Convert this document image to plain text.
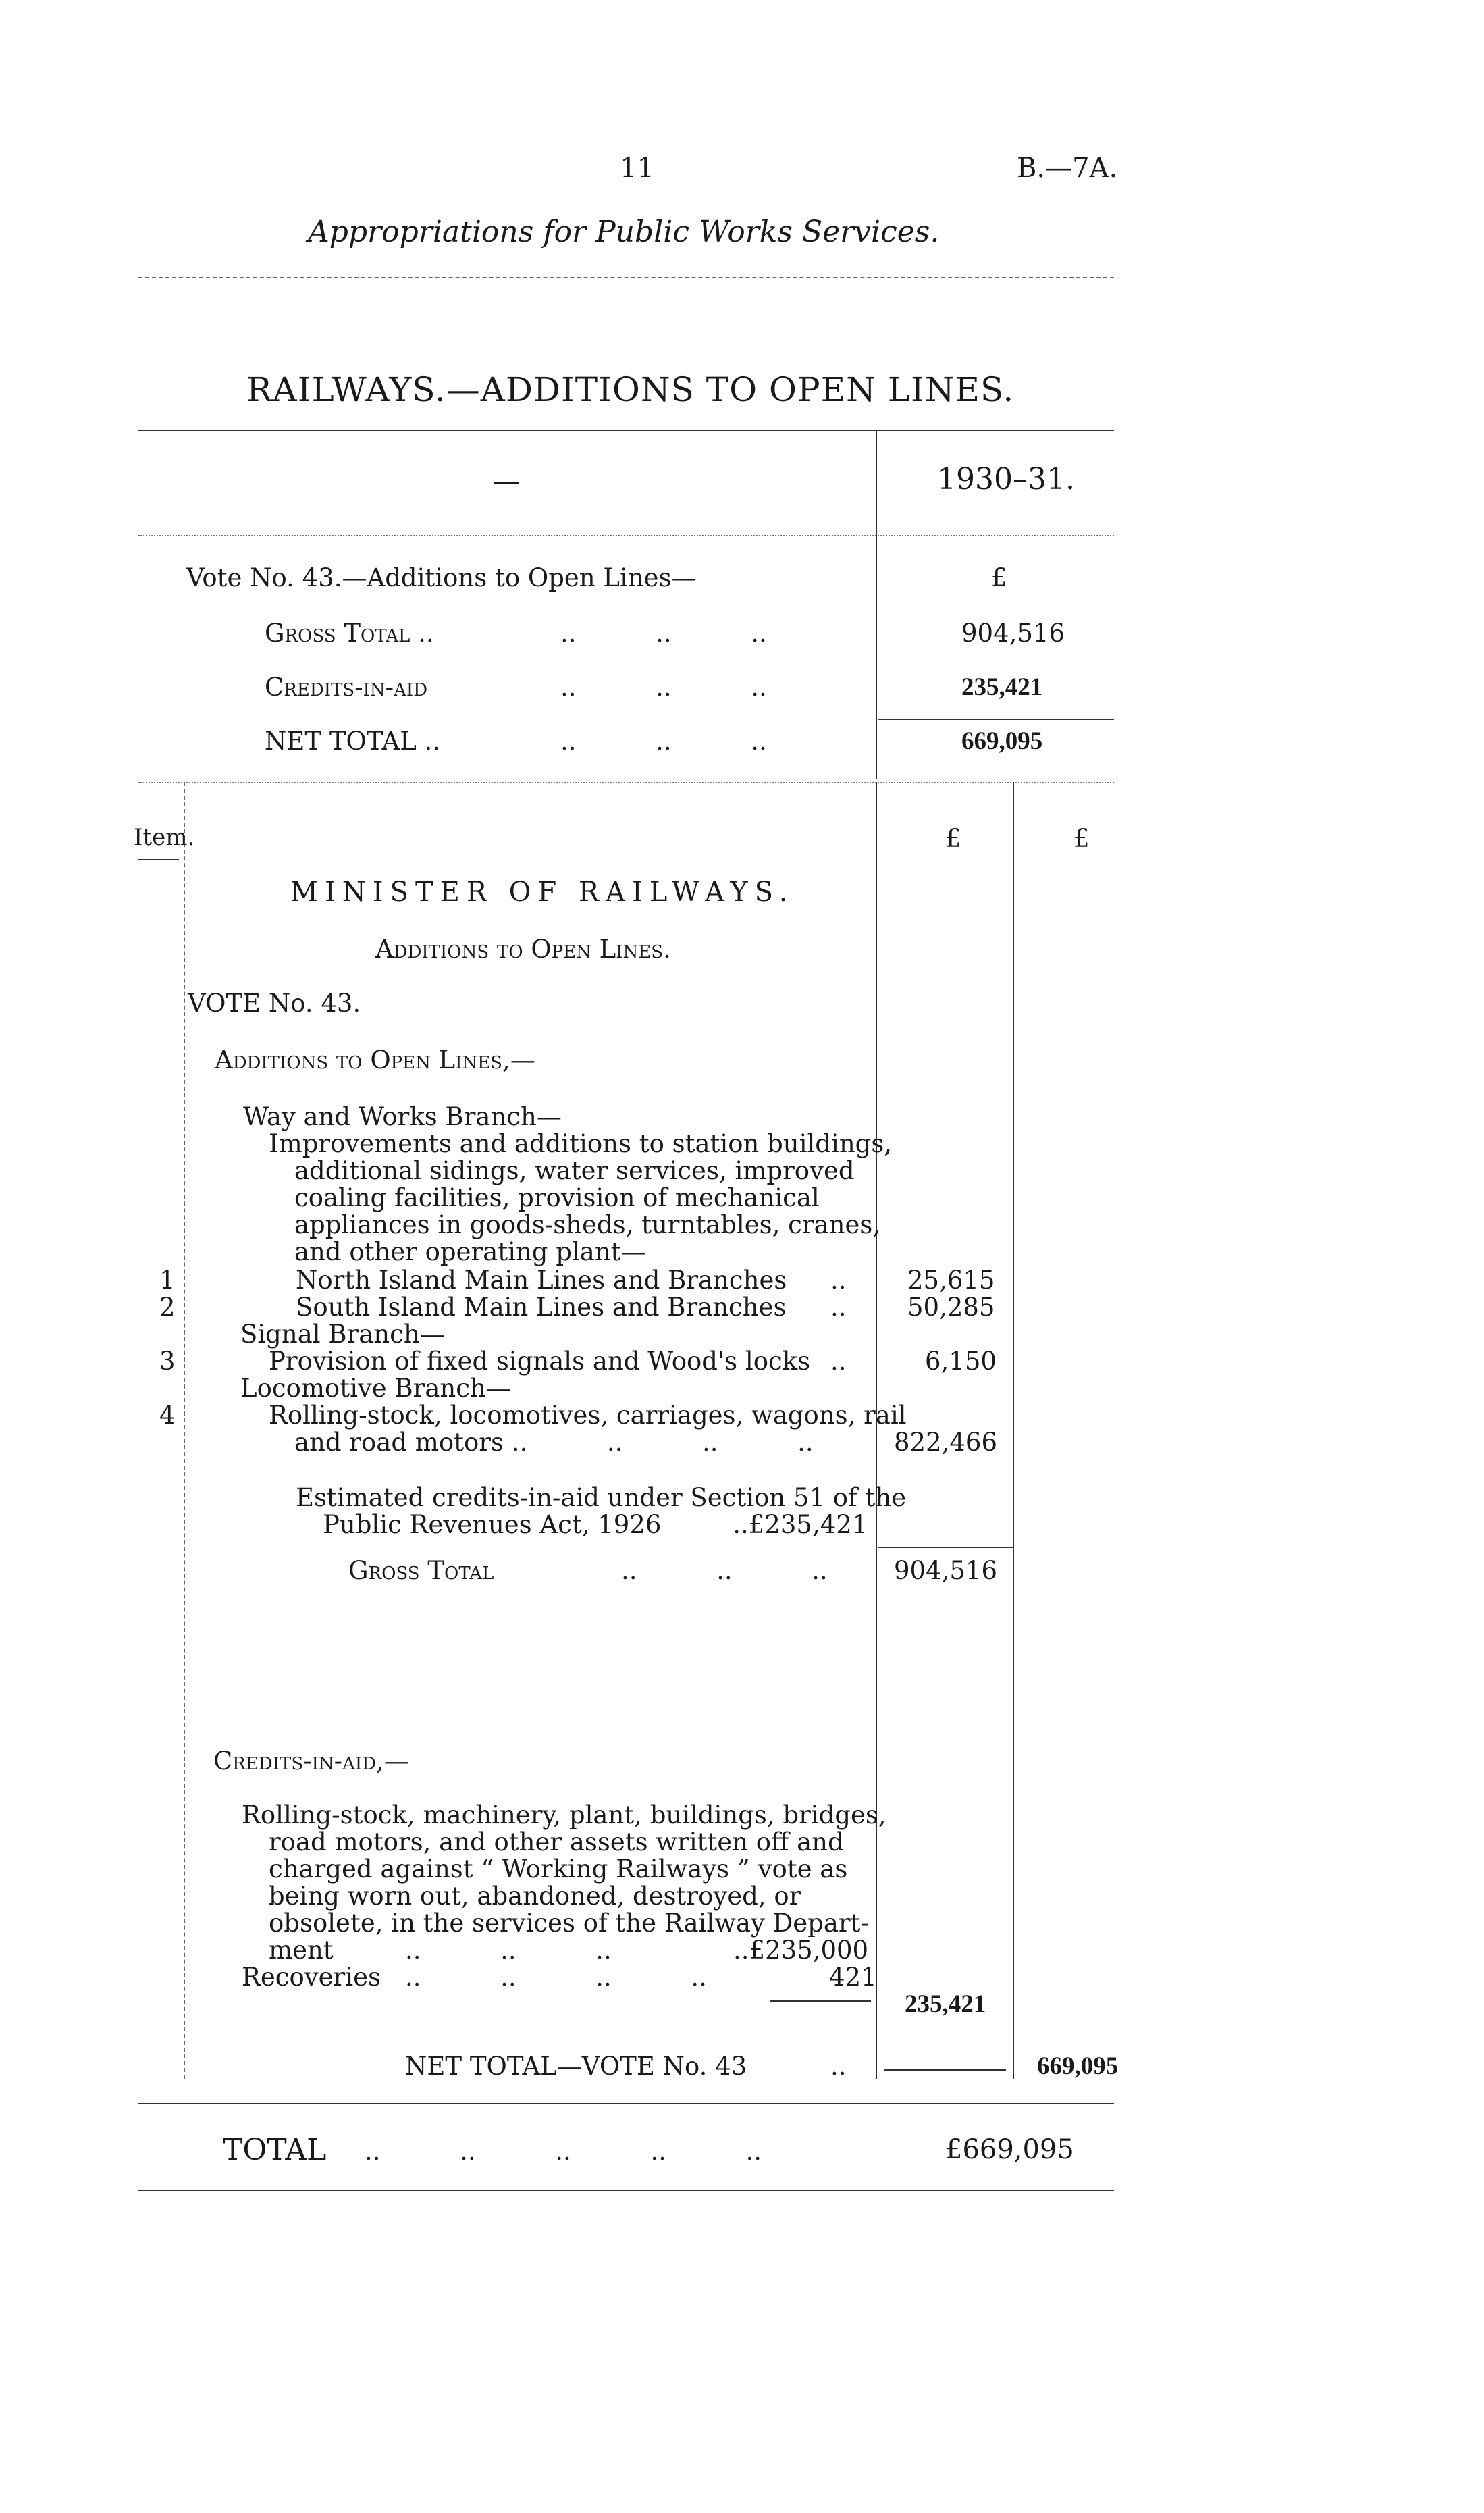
11	B.—7A.
Appropriations for Public Works Services.
RAILWAYS.—ADDITIONS TO OPEN LINES.
—	1930–31.
Vote No. 43.—Additions to Open Lines—	£
Gross Total ..	..          ..          ..	904,516
Credits-in-aid	..          ..          ..	235,421
NET TOTAL ..	..          ..          ..	669,095
Item.	£	£
MINISTER OF RAILWAYS.
Additions to Open Lines.
VOTE No. 43.
Additions to Open Lines,—
Way and Works Branch—
Improvements and additions to station buildings,
additional sidings, water services, improved
coaling facilities, provision of mechanical
appliances in goods-sheds, turntables, cranes,
and other operating plant—
1	North Island Main Lines and Branches .. 25,615
2	South Island Main Lines and Branches .. 50,285
Signal Branch—
3	Provision of fixed signals and Wood's locks ..	6,150
Locomotive Branch—
4	Rolling-stock, locomotives, carriages, wagons, rail
and road motors ..          ..          ..          ..	822,466
Estimated credits-in-aid under Section 51 of the
Public Revenues Act, 1926         ..£235,421
Gross Total	..          ..          ..	904,516
Credits-in-aid,—
Rolling-stock, machinery, plant, buildings, bridges,
road motors, and other assets written off and
charged against “ Working Railways ” vote as
being worn out, abandoned, destroyed, or
obsolete, in the services of the Railway Depart-
ment	..          ..          ..	..£235,000
Recoveries ..          ..          ..          ..	421
235,421
NET TOTAL—VOTE No. 43	..	669,095
TOTAL ..          ..          ..          ..          ..	£669,095
